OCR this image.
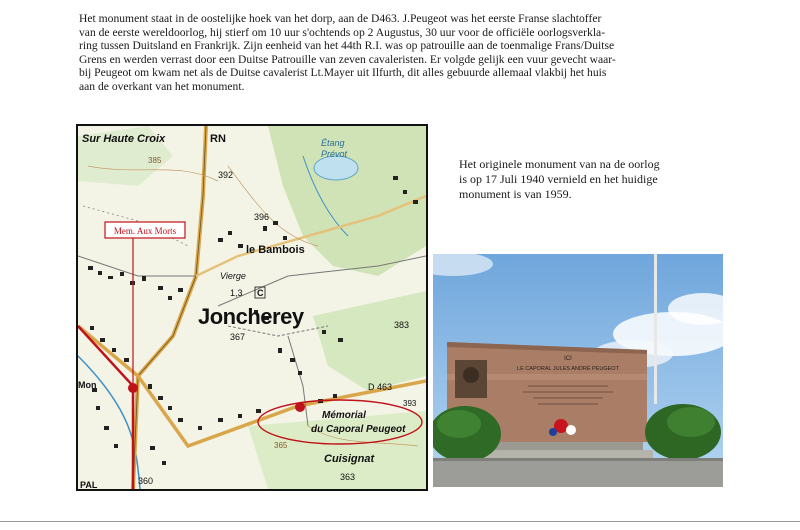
Het monument staat in de oostelijke hoek van het dorp, aan de D463. J.Peugeot was het eerste Franse slachtoffer
van de eerste wereldoorlog, hij stierf om 10 uur s'ochtends op 2 Augustus, 30 uur voor de officiële oorlogsverkla-
ring tussen Duitsland en Frankrijk. Zijn eenheid van het 44th R.I. was op patrouille aan de toenmalige Frans/Duitse
Grens en werden verrast door een Duitse Patrouille van zeven cavaleristen. Er volgde gelijk een vuur gevecht waar-
bij Peugeot om kwam net als de Duitse cavalerist Lt.Mayer uit Ilfurth, dit alles gebuurde allemaal vlakbij het huis
aan de overkant van het monument.

Mem. Aux Morts
Sur Haute Croix	RN	Étang
Prévot
385
392
396
le Bambois
Vierge
1,3 C
Joncherey
367
383
D 463
393
Mémorial
du Caporal Peugeot
Mon
365
Cuisignat
360	363
PAL

Het originele monument van na de oorlog
is op 17 Juli 1940 vernield en het huidige
monument is van 1959.

ICI
LE CAPORAL JULES ANDRÉ PEUGEOT
